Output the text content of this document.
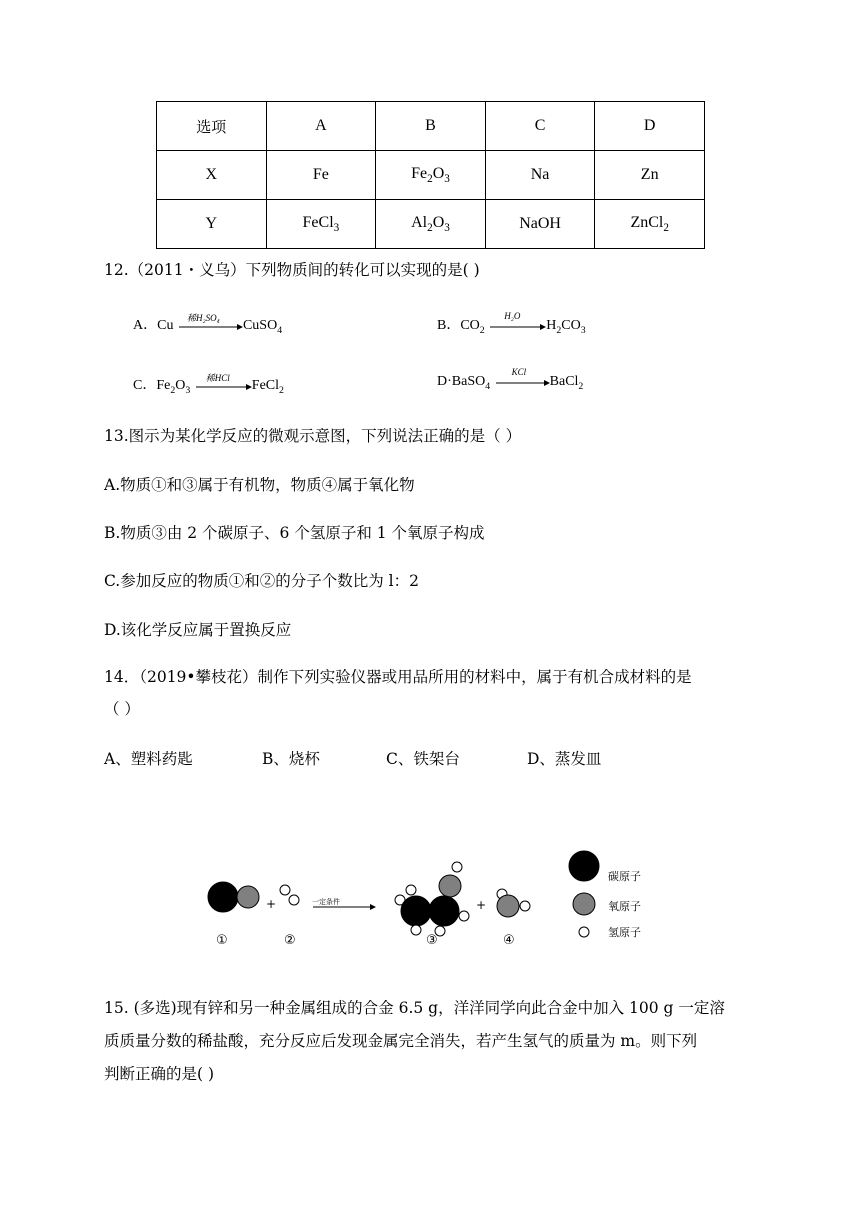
选项	A	B	C	D
X	Fe	$Fe_2O_3$	Na	Zn
Y	FeCl$_3$	$Al_2O_3$	NaOH	ZnCl$_2$
12.（2011・义乌）下列物质间的转化可以实现的是( )
A．Cu
稀H₂SO₄
CuSO$_4$	B．$CO_2$
H₂O
$H_2CO_3$
C．$Fe_2O_3$
稀HCl
FeCl$_2$
D·BaSO$_4$
KCl
BaCl$_2$
13.图示为某化学反应的微观示意图，下列说法正确的是（ ）
A.物质①和③属于有机物，物质④属于氧化物
B.物质③由 2 个碳原子、6 个氢原子和 1 个氧原子构成
C.参加反应的物质①和②的分子个数比为 l：2
D.该化学反应属于置换反应
14．（2019•攀枝花）制作下列实验仪器或用品所用的材料中，属于有机合成材料的是
（ ）
A、塑料药匙	B、烧杯	C、铁架台	D、蒸发皿
一定条件
+	+
①	②	③	④
碳原子
氧原子
氢原子
15. (多选)现有锌和另一种金属组成的合金 6.5 g，洋洋同学向此合金中加入 100 g 一定溶
质质量分数的稀盐酸，充分反应后发现金属完全消失，若产生氢气的质量为 m。则下列
判断正确的是( )
